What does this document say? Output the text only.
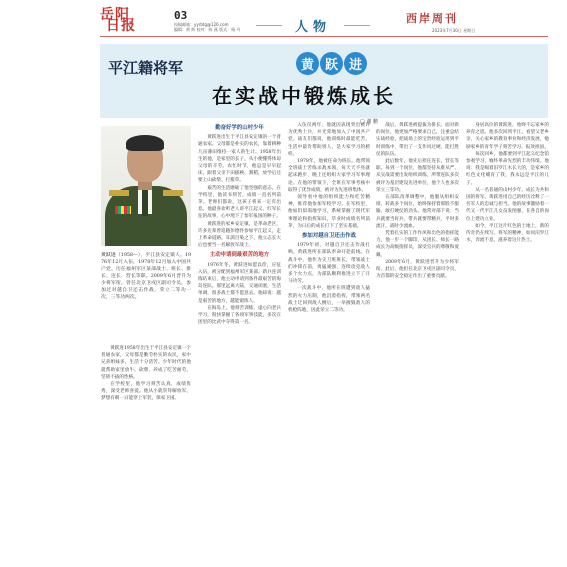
岳阳
日报
03
投稿邮箱：yyrbtg@126.com
编辑：黄 辉 校对：陈 燕 版式：杨 丹	人物
西岸周刊
2023年7月30日 星期日
平江籍将军	黄 跃 进
在实战中锻炼成长
□ 谢 鹏
黄跃进（1958—），平江县安定镇人。1976年12月入伍，1978年12月加入中国共产党。历任福州军区某部战士、班长、排长、连长、营长等职。2009年6月晋升为少将军衔。曾任北京卫戍区副司令员。参加过对越自卫还击作战，荣立二等功一次、三等功两次。

黄跃进1958年出生于平江县安定镇一个普通农家，父母都是勤劳朴实的农民，家中兄弟姐妹多，生活十分清苦。少年时代的他就帮助家里放牛、砍柴，养成了吃苦耐劳、坚韧不拔的性格。

在学校里，他学习刻苦认真，成绩优秀，深受老师喜爱。他从小就崇拜解放军，梦想有朝一日能穿上军装，保家卫国。

勤奋好学的山村少年

黄跃进出生于平江县安定镇的一个普通农家。父母都是朴实的农民，靠着耕种几亩薄田维持一家人的生计。1958年出生的他，是家里的长子，从小便懂得体谅父母的辛劳。农忙时节，他总是早早起床，跟着父亲下田插秧、割稻，放学后还要上山砍柴、打猪草。

艰苦的生活磨砺了他坚强的意志。在学校里，他读书刻苦，成绩一直名列前茅。老师们都说，这孩子将来一定有出息。他最喜欢听老人讲平江起义、红军长征的故事，心中埋下了参军报国的种子。

黄跃进的家乡安定镇，是革命老区，许多先辈曾追随彭德怀参加平江起义，走上革命道路。耳濡目染之下，他立志长大后也要当一名解放军战士。

主动申请到最艰苦的地方

1976年冬，黄跃进如愿以偿，应征入伍，被分配到福州军区某部。新兵连训练结束后，他主动申请到条件最艰苦的海岛连队。那里远离大陆，交通闭塞，生活单调，很多战士都不愿意去，他却说：越是艰苦的地方，越能锻炼人。

在海岛上，他刻苦训练，虚心向老兵学习，很快掌握了各项军事技能，多次在团里的比武中夺得第一名。

入伍仅两年，他就因表现突出被评为优秀士兵，并光荣地加入了中国共产党。战友们都说，他训练时最能吃苦，生活中最肯帮助别人，是大家学习的榜样。

1978年，他被任命为班长。他带领全班战士苦练杀敌本领，每天天不亮就起床跑步，晚上还组织大家学习军事理论。在他的带领下，全班在军事考核中取得了优异成绩，被评为先进班集体。

领导看中他的组织能力和吃苦精神，推荐他参加军校学习。在军校里，他如饥似渴地学习，系统掌握了现代军事理论和指挥知识，毕业时成绩名列前茅，为日后的成长打下了坚实基础。

参加对越自卫还击作战

1979年初，对越自卫还击作战打响。黄跃进所在部队奉命开赴前线。在战斗中，他作为尖刀班班长，带领战士们冲锋在前，勇猛顽强，连续攻克敌人多个火力点，为部队顺利推进立下了汗马功劳。

一次战斗中，他所在班遭到敌人猛烈的火力压制，他沉着指挥，带领两名战士迂回到敌人侧后，一举摧毁敌人的机枪阵地，因此荣立二等功。

战后，黄跃进被提拔为排长。面对新的岗位，他更加严格要求自己，注重总结实战经验，把战场上的宝贵经验运用到平时训练中，带出了一支作风过硬、能打胜仗的队伍。

此后数年，他先后担任连长、营长等职。每到一个岗位，他都坚持从难从严、从实战需要出发组织训练，所带连队多次被评为基层建设先进单位，他个人也多次荣立三等功。

在部队改革调整中，他服从组织安排，转战多个岗位，始终保持着那股不服输、敢打硬仗的劲头。他常对部下说：当兵就要当好兵，带兵就要带精兵，平时多流汗，战时少流血。

凭着扎实的工作作风和出色的指挥能力，他一步一个脚印，从团长、师长一路成长为高级指挥员，深受官兵的尊敬和爱戴。

2009年6月，黄跃进晋升为少将军衔。此后，他担任北京卫戍区副司令员，为首都的安全稳定作出了重要贡献。

身居高位的黄跃进，始终不忘家乡的养育之恩。他多次回到平江，看望父老乡亲，关心家乡的教育事业和经济发展，勉励家乡的青年学子刻苦学习、报效祖国。

每次回乡，他都要到平江起义纪念馆参观学习，缅怀革命先烈的丰功伟绩。他说：我是喝着汨罗江水长大的，是家乡的红色文化哺育了我，我永远是平江的儿子。

从一名普通的山村少年，成长为共和国的将军，黄跃进用自己的经历诠释了一名军人的忠诚与担当。他的故事激励着一代又一代平江儿女奋发图强，在各自的岗位上建功立业。

如今，平江这片红色的土地上，新的传奇仍在续写。将军的精神，如同汨罗江水，奔流不息，滋养着这片热土。
